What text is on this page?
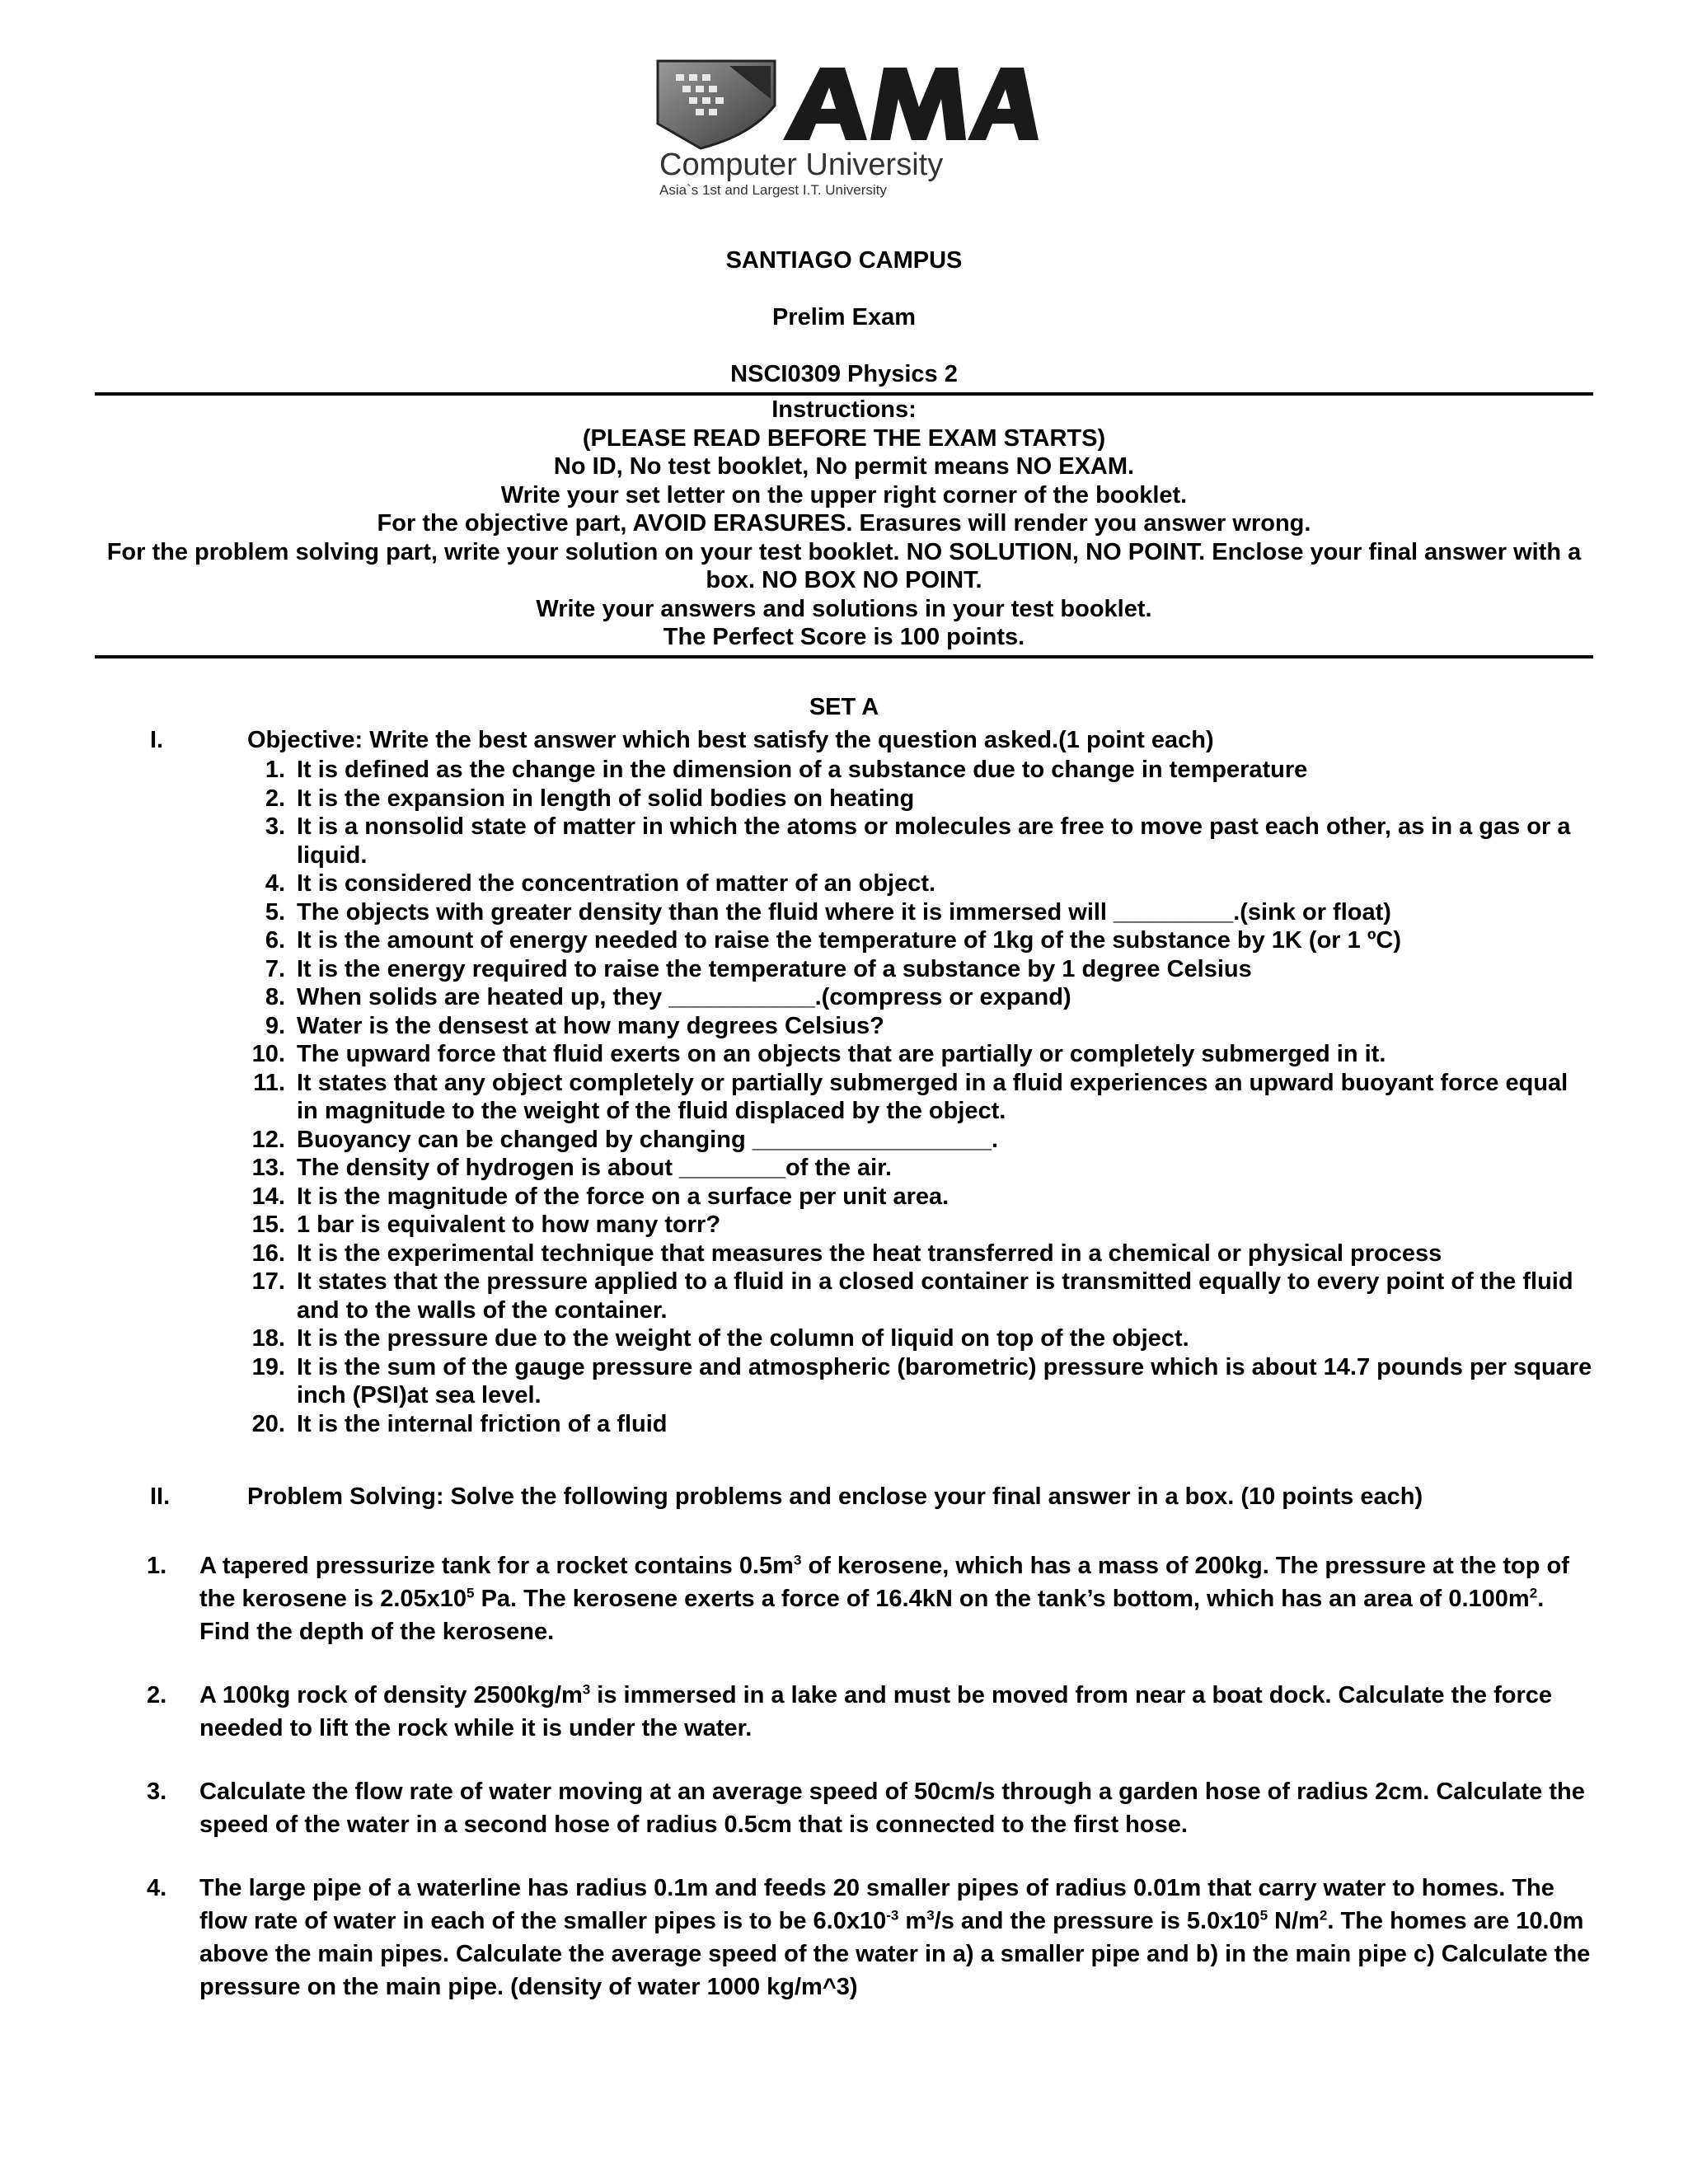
Computer University
Asia`s 1st and Largest I.T. University
SANTIAGO CAMPUS
Prelim Exam
NSCI0309 Physics 2
Instructions:
(PLEASE READ BEFORE THE EXAM STARTS)
No ID, No test booklet, No permit means NO EXAM.
Write your set letter on the upper right corner of the booklet.
For the objective part, AVOID ERASURES. Erasures will render you answer wrong.
For the problem solving part, write your solution on your test booklet. NO SOLUTION, NO POINT. Enclose your final answer with a box. NO BOX NO POINT.
Write your answers and solutions in your test booklet.
The Perfect Score is 100 points.
SET A
I.	Objective: Write the best answer which best satisfy the question asked.(1 point each)
1. It is defined as the change in the dimension of a substance due to change in temperature
2. It is the expansion in length of solid bodies on heating
3. It is a nonsolid state of matter in which the atoms or molecules are free to move past each other, as in a gas or a liquid.
4. It is considered the concentration of matter of an object.
5. The objects with greater density than the fluid where it is immersed will _________.(sink or float)
6. It is the amount of energy needed to raise the temperature of 1kg of the substance by 1K (or 1 ºC)
7. It is the energy required to raise the temperature of a substance by 1 degree Celsius
8. When solids are heated up, they ___________.(compress or expand)
9. Water is the densest at how many degrees Celsius?
10. The upward force that fluid exerts on an objects that are partially or completely submerged in it.
11. It states that any object completely or partially submerged in a fluid experiences an upward buoyant force equal in magnitude to the weight of the fluid displaced by the object.
12. Buoyancy can be changed by changing __________________.
13. The density of hydrogen is about ________of the air.
14. It is the magnitude of the force on a surface per unit area.
15. 1 bar is equivalent to how many torr?
16. It is the experimental technique that measures the heat transferred in a chemical or physical process
17. It states that the pressure applied to a fluid in a closed container is transmitted equally to every point of the fluid and to the walls of the container.
18. It is the pressure due to the weight of the column of liquid on top of the object.
19. It is the sum of the gauge pressure and atmospheric (barometric) pressure which is about 14.7 pounds per square inch (PSI)at sea level.
20. It is the internal friction of a fluid
II.	Problem Solving: Solve the following problems and enclose your final answer in a box. (10 points each)
1. A tapered pressurize tank for a rocket contains $0.5m^3$ of kerosene, which has a mass of 200kg. The pressure at the top of the kerosene is $2.05x10^5$ Pa. The kerosene exerts a force of 16.4kN on the tank’s bottom, which has an area of $0.100m^2$. Find the depth of the kerosene.
2. A 100kg rock of density $2500kg/m^3$ is immersed in a lake and must be moved from near a boat dock. Calculate the force needed to lift the rock while it is under the water.
3. Calculate the flow rate of water moving at an average speed of 50cm/s through a garden hose of radius 2cm. Calculate the speed of the water in a second hose of radius 0.5cm that is connected to the first hose.
4. The large pipe of a waterline has radius 0.1m and feeds 20 smaller pipes of radius 0.01m that carry water to homes. The flow rate of water in each of the smaller pipes is to be $6.0x10^{-3}$ $m^3/s$ and the pressure is $5.0x10^5$ $N/m^2$. The homes are 10.0m above the main pipes. Calculate the average speed of the water in a) a smaller pipe and b) in the main pipe c) Calculate the pressure on the main pipe. (density of water 1000 kg/m^3)
